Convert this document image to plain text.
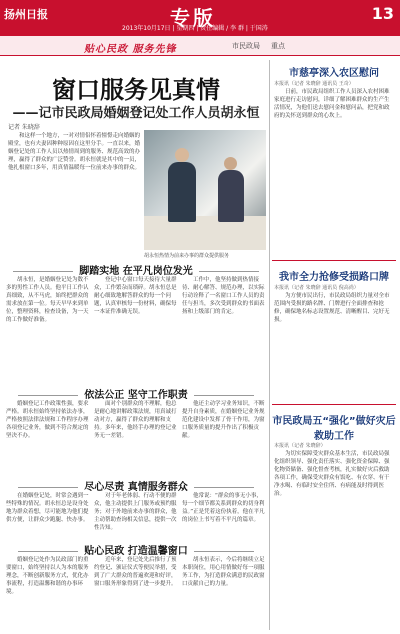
扬州日报	专版	13
2013年10月17日 | 星期四 | 责任编辑 / 李 群 | 于国涛
贴心民政 服务先锋	市民政局 重点
窗口服务见真情
——记市民政局婚姻登记处工作人员胡永恒
记者 朱晓辞
和这样一个地方，一对对情侣怀着憧憬走向婚姻的殿堂，也有夫妻因种种原因在这里分手。一直以来，婚姻登记处的工作人员以热情周到的服务、规范高效的办理，赢得了群众的广泛赞誉。胡永恒就是其中的一员，他扎根窗口多年，用真情温暖每一位前来办事的群众。
胡永恒热情为前来办事的群众提供服务
脚踏实地 在平凡岗位发光
胡永恒，是婚姻登记处为数不多的男性工作人员。他平日工作认真细致，从不马虎，始终把群众的需求放在第一位。每天早早来到单位，整理资料，检查设备，为一天的工作做好准备。
登记中心窗口每天接待大量群众，工作繁杂而琐碎。胡永恒总是耐心细致地解答群众的每一个问题，认真审核每一份材料，确保每一本证件准确无误。
工作中，他坚持做到热情接待、耐心解答、规范办理，以实际行动诠释了一名窗口工作人员的责任与担当，多次受到群众的书面表扬和上级部门的肯定。
依法公正 坚守工作职责
婚姻登记工作政策性强，要求严格。胡永恒始终坚持依法办事，严格按照法律法规和工作程序办理各项登记业务，做到不符合规定的坚决不办。
面对个别群众的不理解，他总是耐心地讲解政策法规，用真诚打动对方，赢得了群众的理解和支持。多年来，他经手办理的登记业务无一差错。
他还主动学习业务知识，不断提升自身素质，在婚姻登记业务规范化建设中发挥了骨干作用，为窗口服务质量的提升作出了积极贡献。
尽心尽责 真情服务群众
在婚姻登记处，时常会遇到一些特殊的情况。胡永恒总是设身处地为群众着想，尽可能地为他们提供方便，让群众少跑腿、快办事。
对于年老体弱、行动不便的群众，他主动提供上门服务或预约服务；对于外地前来办事的群众，他主动帮助查询相关信息，提供一次性告知。
他常说：“群众的事无小事，每一个细节都关系到群众的切身利益。”正是凭着这份执着，他在平凡的岗位上书写着不平凡的篇章。
贴心民政 打造温馨窗口
婚姻登记处作为民政部门的重要窗口，始终坚持以人为本的服务理念，不断创新服务方式，优化办事流程，打造温馨和谐的办事环境。
近年来，登记处先后推行了预约登记、颁证仪式等便民举措，受到了广大群众的普遍欢迎和好评，窗口服务形象得到了进一步提升。
胡永恒表示，今后将继续立足本职岗位，用心用情做好每一项服务工作，为打造群众满意的民政窗口贡献自己的力量。
市慈亭深入农区慰问
本报讯（记者 朱晓辞 通讯员 王奇）
日前，市民政局组织工作人员深入农村困难家庭进行走访慰问，详细了解困难群众的生产生活情况，为他们送去慰问金和慰问品，把党和政府的关怀送到群众的心坎上。
我市全力抢修受损路口牌
本报讯（记者 朱晓辞 通讯员 倪高尚）
为方便市民出行，市民政局组织力量对全市范围内受损的路名牌、门牌进行全面排查和抢修，确保地名标志设置规范、清晰醒目、完好无损。
市民政局五“强化”做好灾后救助工作
本报讯（记者 朱晓辞）
为切实保障受灾群众基本生活，市民政局强化组织领导、强化责任落实、强化资金保障、强化物资储备、强化督查考核，扎实做好灾后救助各项工作，确保受灾群众有饭吃、有衣穿、有干净水喝、有临时安全住所、有病能及时得到医治。
